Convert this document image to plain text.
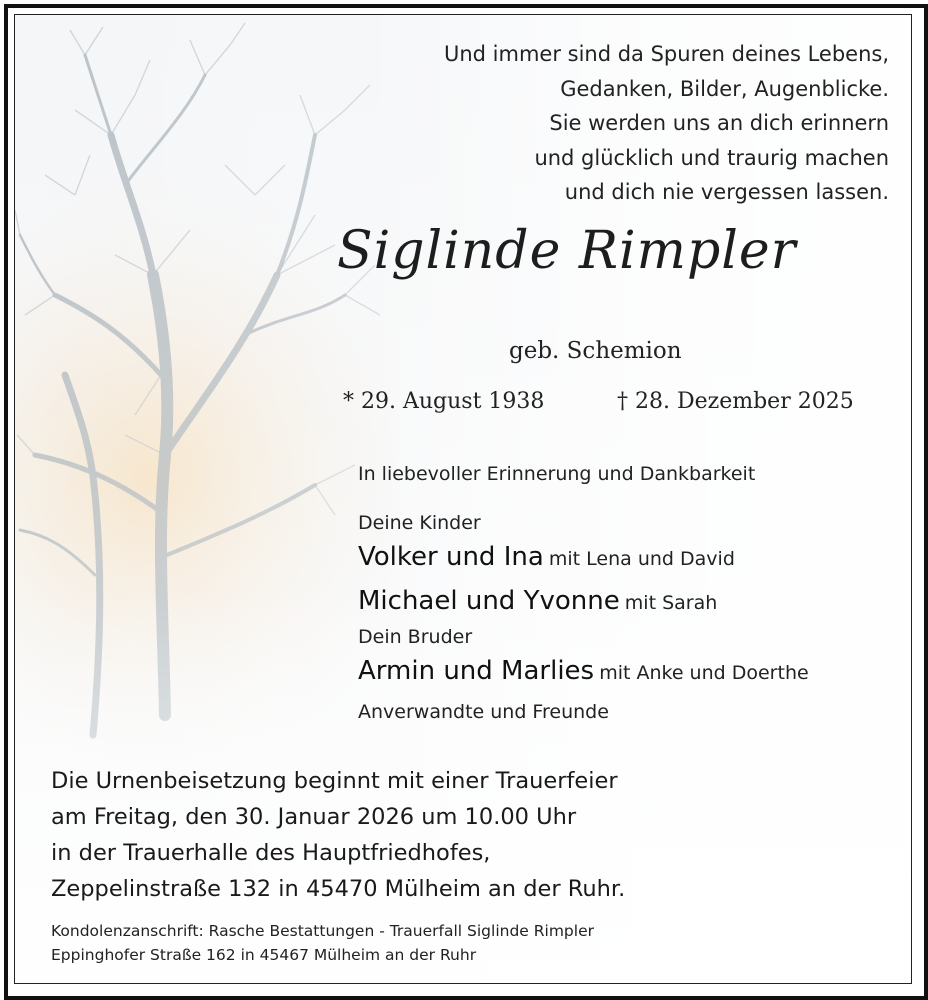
Und immer sind da Spuren deines Lebens,
Gedanken, Bilder, Augenblicke.
Sie werden uns an dich erinnern
und glücklich und traurig machen
und dich nie vergessen lassen.
Siglinde Rimpler
geb. Schemion
* 29. August 1938	† 28. Dezember 2025
In liebevoller Erinnerung und Dankbarkeit
Deine Kinder
Volker und Ina mit Lena und David
Michael und Yvonne mit Sarah
Dein Bruder
Armin und Marlies mit Anke und Doerthe
Anverwandte und Freunde
Die Urnenbeisetzung beginnt mit einer Trauerfeier
am Freitag, den 30. Januar 2026 um 10.00 Uhr
in der Trauerhalle des Hauptfriedhofes,
Zeppelinstraße 132 in 45470 Mülheim an der Ruhr.
Kondolenzanschrift: Rasche Bestattungen - Trauerfall Siglinde Rimpler
Eppinghofer Straße 162 in 45467 Mülheim an der Ruhr
